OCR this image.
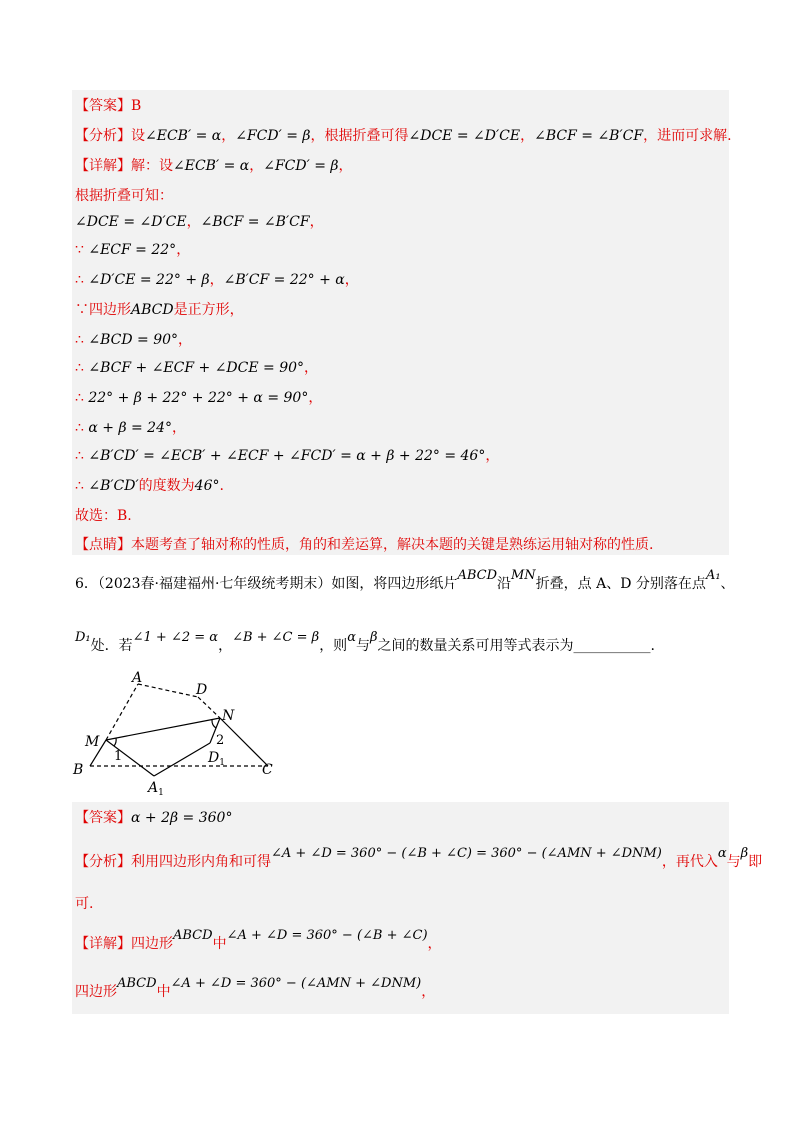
【答案】B
【分析】设∠ECB′ = α，∠FCD′ = β，根据折叠可得∠DCE = ∠D′CE，∠BCF = ∠B′CF，进而可求解.
【详解】解：设∠ECB′ = α，∠FCD′ = β，
根据折叠可知：
∠DCE = ∠D′CE，∠BCF = ∠B′CF，
∵ ∠ECF = 22°，
∴ ∠D′CE = 22° + β，∠B′CF = 22° + α，
∵四边形ABCD是正方形，
∴ ∠BCD = 90°，
∴ ∠BCF + ∠ECF + ∠DCE = 90°，
∴ 22° + β + 22° + 22° + α = 90°，
∴ α + β = 24°，
∴ ∠B′CD′ = ∠ECB′ + ∠ECF + ∠FCD′ = α + β + 22° = 46°，
∴ ∠B′CD′的度数为46°.
故选：B.
【点睛】本题考查了轴对称的性质，角的和差运算，解决本题的关键是熟练运用轴对称的性质.
6．（2023春·福建福州·七年级统考期末）如图，将四边形纸片ABCD沿MN折叠，点 A、D 分别落在点A₁、
D₁处．若∠1 + ∠2 = α，∠B + ∠C = β，则α与β之间的数量关系可用等式表示为___________.
A
D
N
M
B	C
$A_1$
$D_1$
1
2
【答案】α + 2β = 360°
【分析】利用四边形内角和可得∠A + ∠D = 360° − (∠B + ∠C) = 360° − (∠AMN + ∠DNM)，再代入α与β即
可.
【详解】四边形ABCD中∠A + ∠D = 360° − (∠B + ∠C)，
四边形ABCD中∠A + ∠D = 360° − (∠AMN + ∠DNM)，
